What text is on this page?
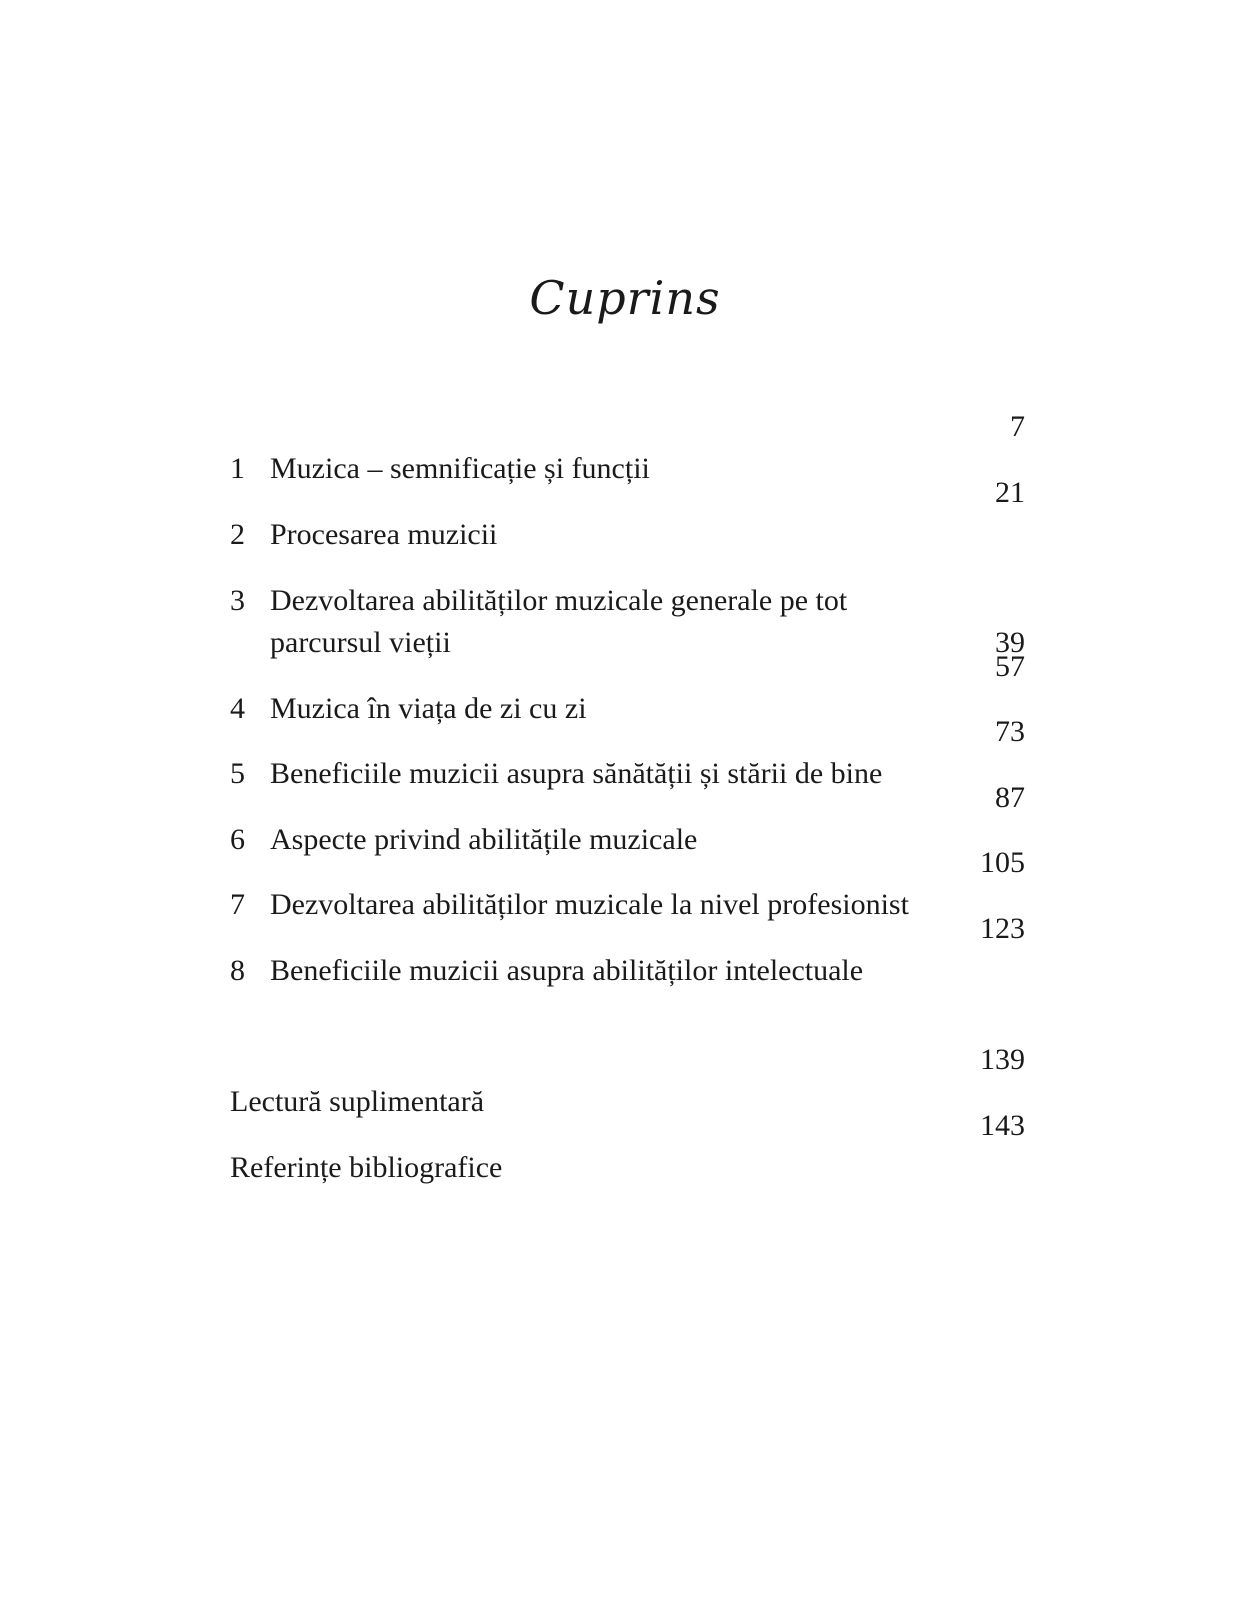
Cuprins
1 Muzica – semnificație și funcții
7
2 Procesarea muzicii
21
3 Dezvoltarea abilităților muzicale generale pe tot parcursul vieții	39
4 Muzica în viața de zi cu zi
57
5 Beneficiile muzicii asupra sănătății și stării de bine
73
6 Aspecte privind abilitățile muzicale
87
7 Dezvoltarea abilităților muzicale la nivel profesionist
105
8 Beneficiile muzicii asupra abilităților intelectuale
123
Lectură suplimentară
139
Referințe bibliografice
143
